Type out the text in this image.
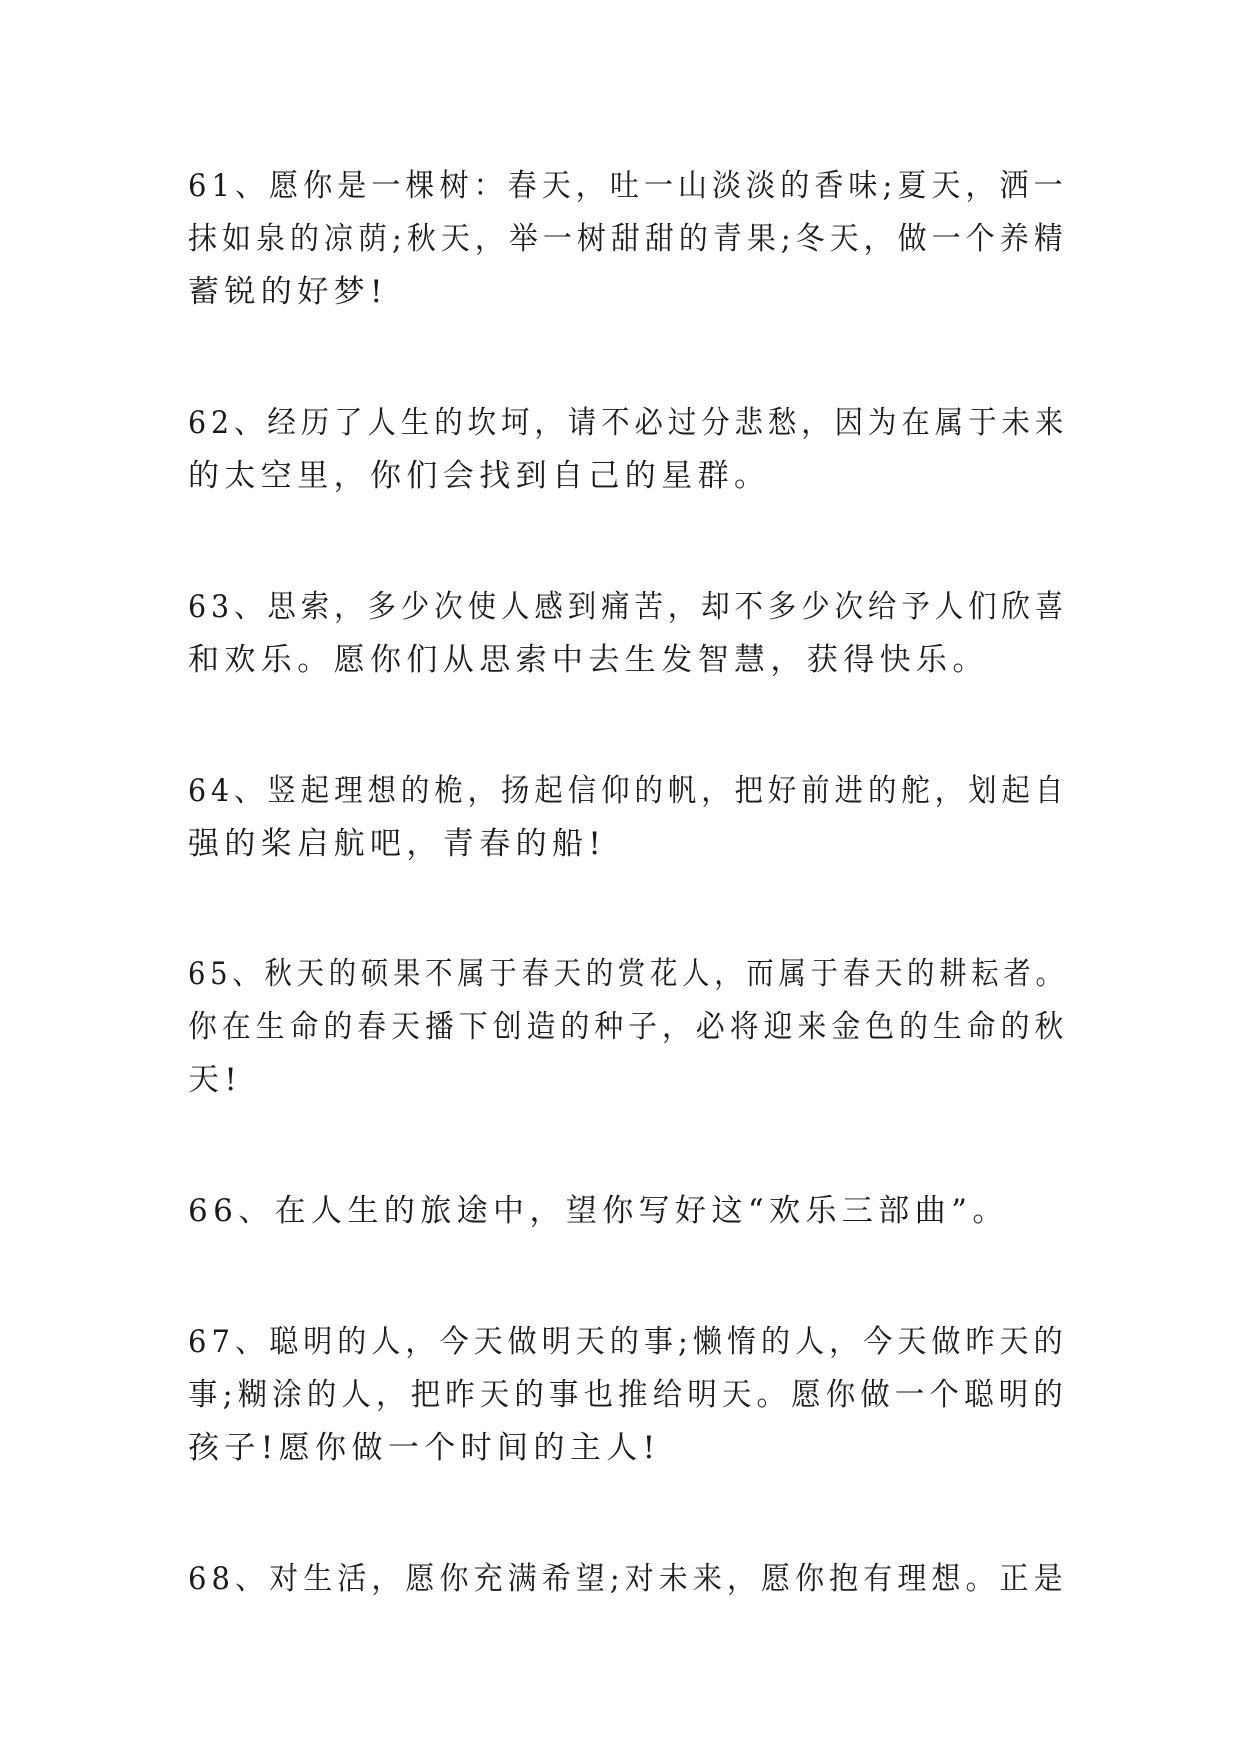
61、愿你是一棵树：春天，吐一山淡淡的香味;夏天，洒一
抹如泉的凉荫;秋天，举一树甜甜的青果;冬天，做一个养精
蓄锐的好梦!
62、经历了人生的坎坷，请不必过分悲愁，因为在属于未来
的太空里，你们会找到自己的星群。
63、思索，多少次使人感到痛苦，却不多少次给予人们欣喜
和欢乐。愿你们从思索中去生发智慧，获得快乐。
64、竖起理想的桅，扬起信仰的帆，把好前进的舵，划起自
强的桨启航吧，青春的船!
65、秋天的硕果不属于春天的赏花人，而属于春天的耕耘者。
你在生命的春天播下创造的种子，必将迎来金色的生命的秋
天!
66、在人生的旅途中，望你写好这“欢乐三部曲”。
67、聪明的人，今天做明天的事;懒惰的人，今天做昨天的
事;糊涂的人，把昨天的事也推给明天。愿你做一个聪明的
孩子!愿你做一个时间的主人!
68、对生活，愿你充满希望;对未来，愿你抱有理想。正是
